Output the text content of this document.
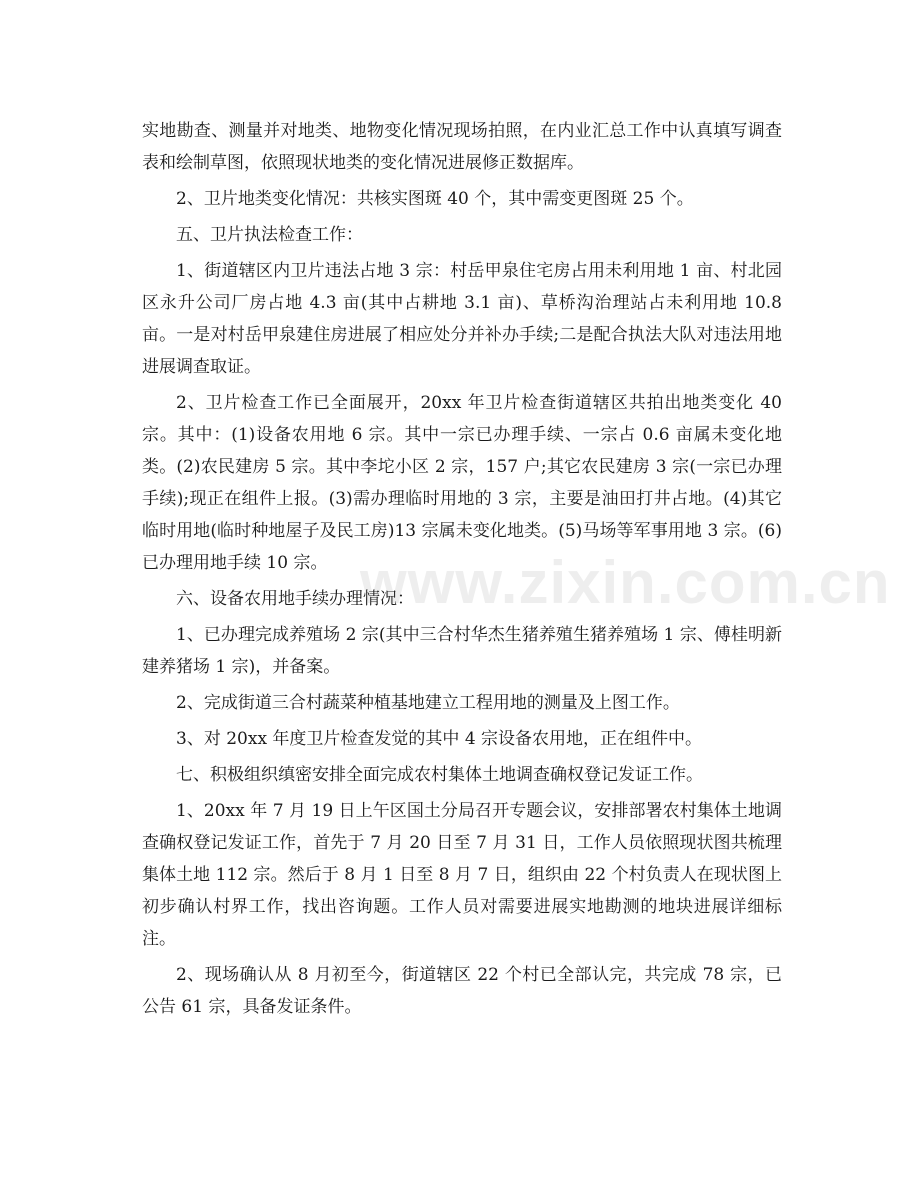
实地勘查、测量并对地类、地物变化情况现场拍照，在内业汇总工作中认真填写调查表和绘制草图，依照现状地类的变化情况进展修正数据库。

2、卫片地类变化情况：共核实图斑 40 个，其中需变更图斑 25 个。

五、卫片执法检查工作：

1、街道辖区内卫片违法占地 3 宗：村岳甲泉住宅房占用未利用地 1 亩、村北园区永升公司厂房占地 4.3 亩(其中占耕地 3.1 亩)、草桥沟治理站占未利用地 10.8 亩。一是对村岳甲泉建住房进展了相应处分并补办手续;二是配合执法大队对违法用地进展调查取证。

2、卫片检查工作已全面展开，20xx 年卫片检查街道辖区共拍出地类变化 40 宗。其中：(1)设备农用地 6 宗。其中一宗已办理手续、一宗占 0.6 亩属未变化地类。(2)农民建房 5 宗。其中李坨小区 2 宗，157 户;其它农民建房 3 宗(一宗已办理手续);现正在组件上报。(3)需办理临时用地的 3 宗，主要是油田打井占地。(4)其它临时用地(临时种地屋子及民工房)13 宗属未变化地类。(5)马场等军事用地 3 宗。(6)已办理用地手续 10 宗。

六、设备农用地手续办理情况：

1、已办理完成养殖场 2 宗(其中三合村华杰生猪养殖生猪养殖场 1 宗、傅桂明新建养猪场 1 宗)，并备案。

2、完成街道三合村蔬菜种植基地建立工程用地的测量及上图工作。

3、对 20xx 年度卫片检查发觉的其中 4 宗设备农用地，正在组件中。

七、积极组织缜密安排全面完成农村集体土地调查确权登记发证工作。

1、20xx 年 7 月 19 日上午区国土分局召开专题会议，安排部署农村集体土地调查确权登记发证工作，首先于 7 月 20 日至 7 月 31 日，工作人员依照现状图共梳理集体土地 112 宗。然后于 8 月 1 日至 8 月 7 日，组织由 22 个村负责人在现状图上初步确认村界工作，找出咨询题。工作人员对需要进展实地勘测的地块进展详细标注。

2、现场确认从 8 月初至今，街道辖区 22 个村已全部认完，共完成 78 宗，已公告 61 宗，具备发证条件。

www.zixin.com.cn
